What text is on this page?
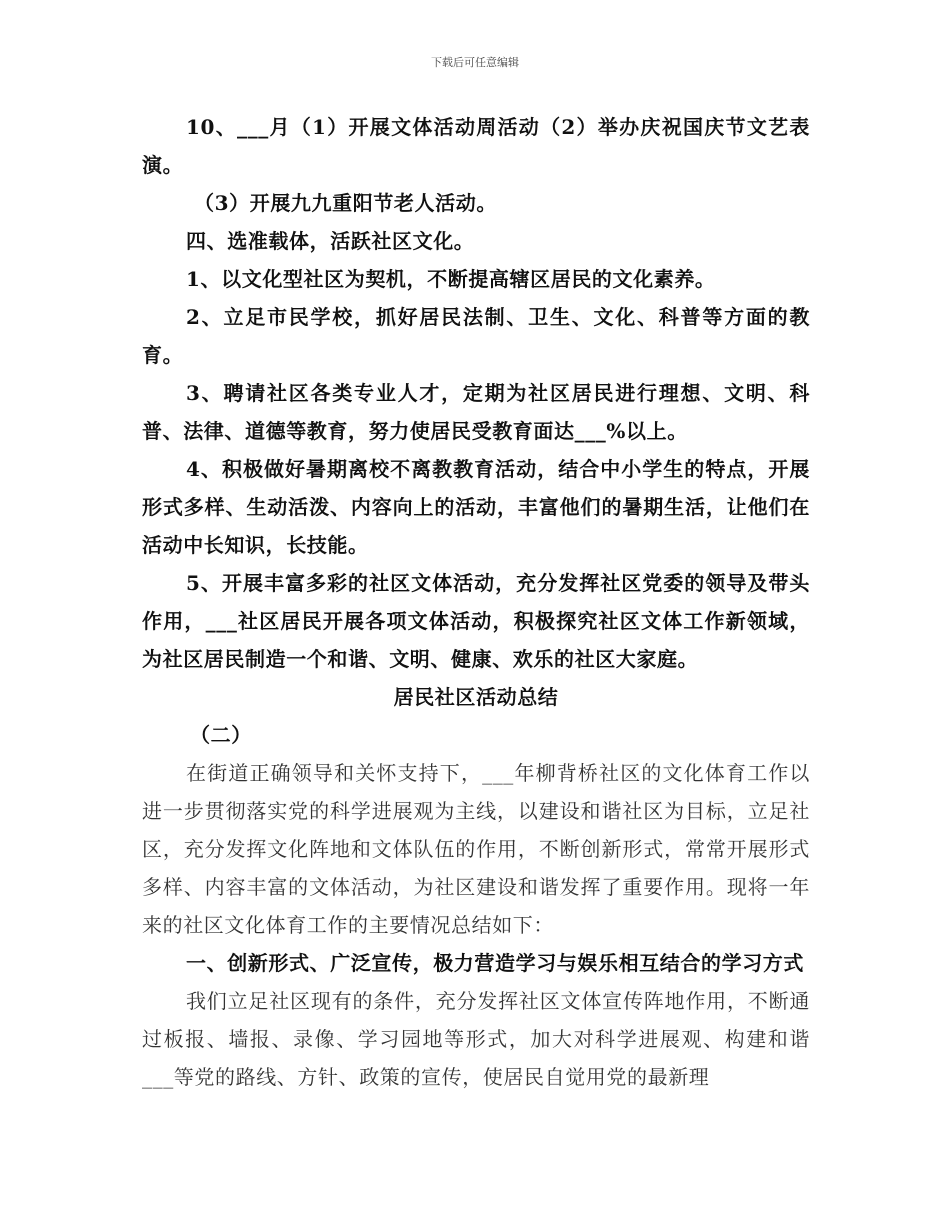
下载后可任意编辑

10、___月（1）开展文体活动周活动（2）举办庆祝国庆节文艺表演。

（3）开展九九重阳节老人活动。

四、选准载体，活跃社区文化。

1、以文化型社区为契机，不断提高辖区居民的文化素养。

2、立足市民学校，抓好居民法制、卫生、文化、科普等方面的教育。

3、聘请社区各类专业人才，定期为社区居民进行理想、文明、科普、法律、道德等教育，努力使居民受教育面达___%以上。

4、积极做好暑期离校不离教教育活动，结合中小学生的特点，开展形式多样、生动活泼、内容向上的活动，丰富他们的暑期生活，让他们在活动中长知识，长技能。

5、开展丰富多彩的社区文体活动，充分发挥社区党委的领导及带头作用，___社区居民开展各项文体活动，积极探究社区文体工作新领域，为社区居民制造一个和谐、文明、健康、欢乐的社区大家庭。

居民社区活动总结

（二）

在街道正确领导和关怀支持下，___年柳背桥社区的文化体育工作以进一步贯彻落实党的科学进展观为主线，以建设和谐社区为目标，立足社区，充分发挥文化阵地和文体队伍的作用，不断创新形式，常常开展形式多样、内容丰富的文体活动，为社区建设和谐发挥了重要作用。现将一年来的社区文化体育工作的主要情况总结如下：

一、创新形式、广泛宣传，极力营造学习与娱乐相互结合的学习方式

我们立足社区现有的条件，充分发挥社区文体宣传阵地作用，不断通过板报、墙报、录像、学习园地等形式，加大对科学进展观、构建和谐___等党的路线、方针、政策的宣传，使居民自觉用党的最新理
